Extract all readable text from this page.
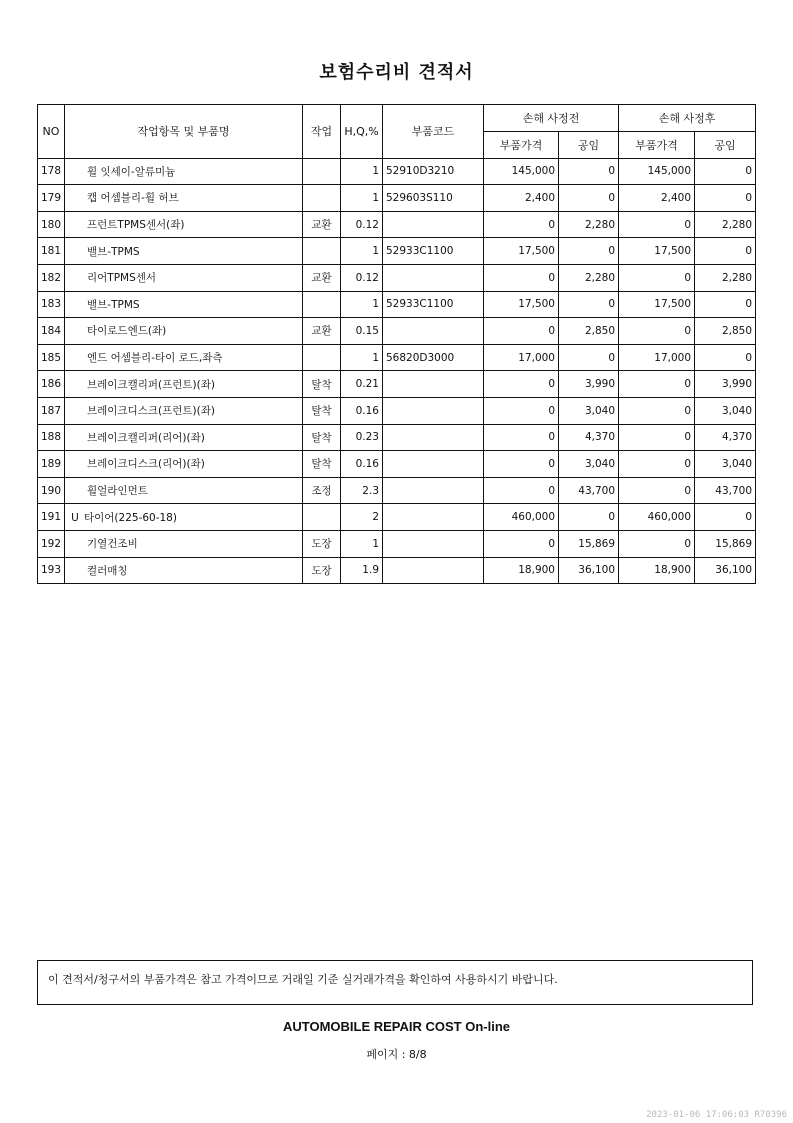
보험수리비 견적서
NO	작업항목 및 부품명	작업	H,Q,%	부품코드	손해 사정전		손해 사정후	
					부품가격	공임	부품가격	공임
178	휠 잇세이-알류미늄		1	52910D3210	145,000	0	145,000	0
179	캡 어셈블리-휠 허브		1	529603S110	2,400	0	2,400	0
180	프런트TPMS센서(좌)	교환	0.12		0	2,280	0	2,280
181	밸브-TPMS		1	52933C1100	17,500	0	17,500	0
182	리어TPMS센서	교환	0.12		0	2,280	0	2,280
183	밸브-TPMS		1	52933C1100	17,500	0	17,500	0
184	타이로드엔드(좌)	교환	0.15		0	2,850	0	2,850
185	엔드 어셈블리-타이 로드,좌측		1	56820D3000	17,000	0	17,000	0
186	브레이크캘리퍼(프런트)(좌)	탈착	0.21		0	3,990	0	3,990
187	브레이크디스크(프런트)(좌)	탈착	0.16		0	3,040	0	3,040
188	브레이크캘리퍼(리어)(좌)	탈착	0.23		0	4,370	0	4,370
189	브레이크디스크(리어)(좌)	탈착	0.16		0	3,040	0	3,040
190	휠얼라인먼트	조정	2.3		0	43,700	0	43,700
191	U 타이어(225-60-18)		2		460,000	0	460,000	0
192	기열건조비	도장	1		0	15,869	0	15,869
193	컬러매칭	도장	1.9		18,900	36,100	18,900	36,100
이 견적서/청구서의 부품가격은 참고 가격이므로 거래일 기준 실거래가격을 확인하여 사용하시기 바랍니다.
AUTOMOBILE REPAIR COST On-line
페이지 : 8/8
2023-01-06 17:06:03 R70396
